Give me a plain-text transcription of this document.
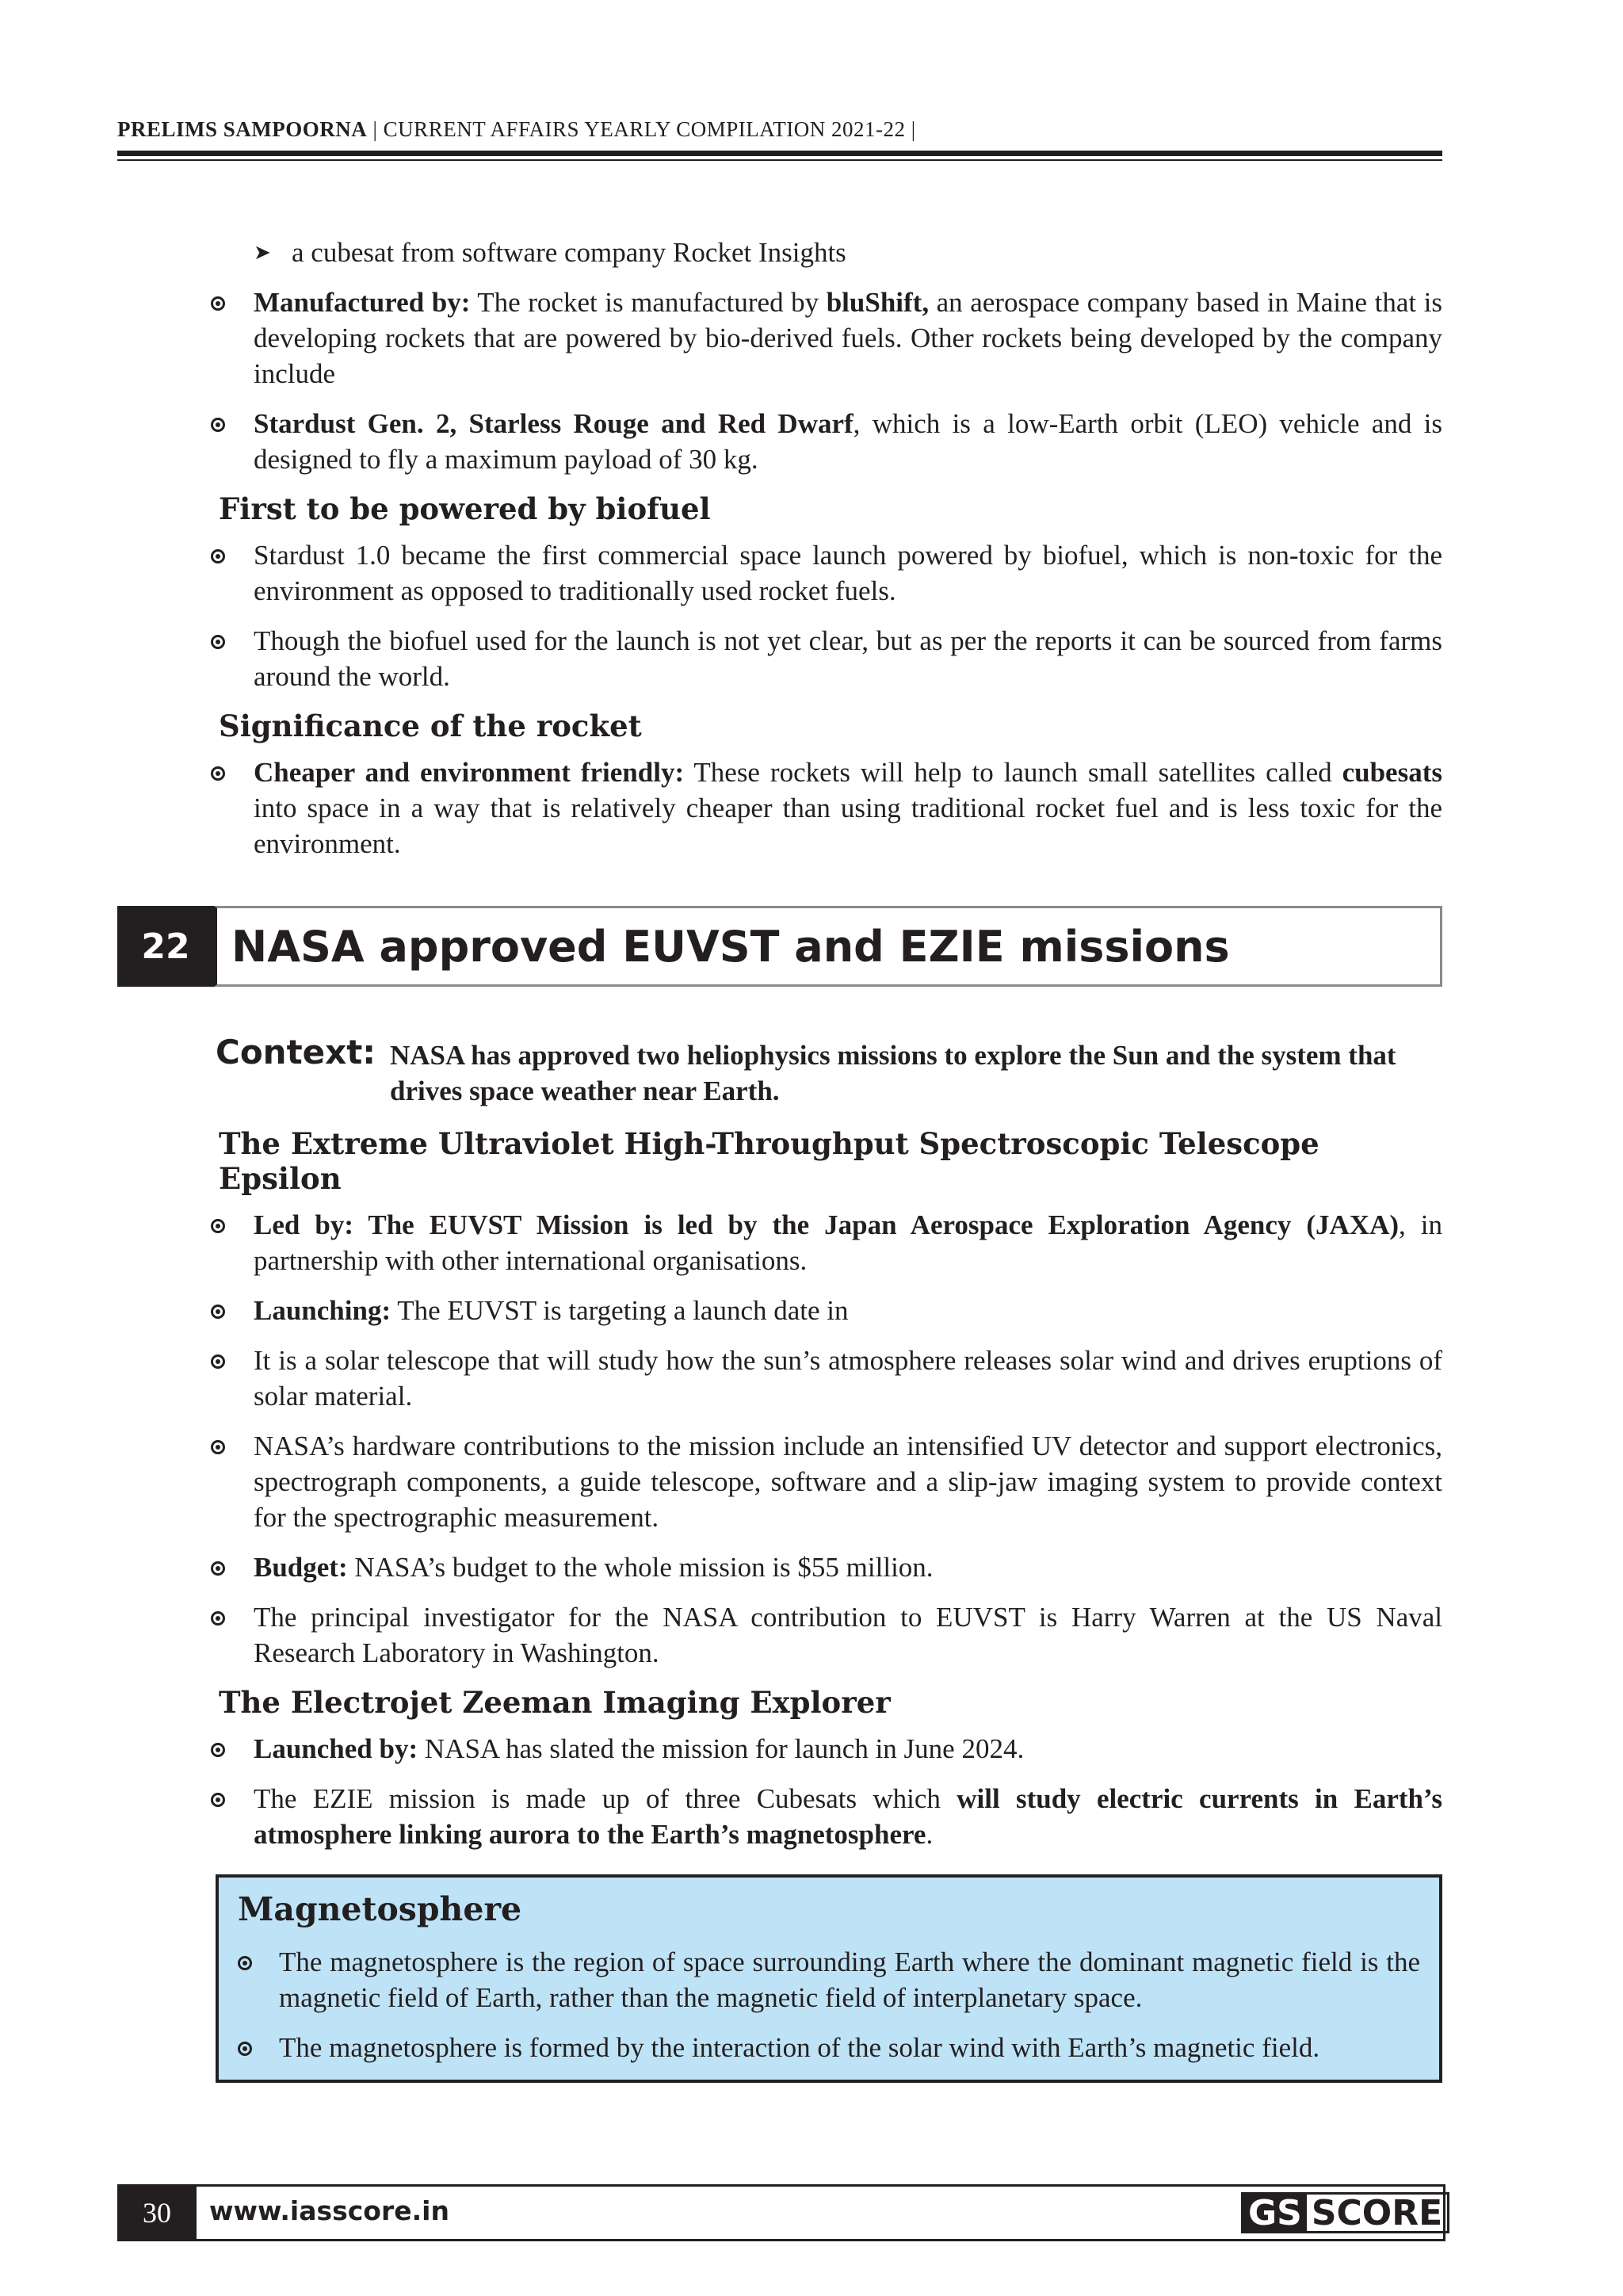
PRELIMS SAMPOORNA | CURRENT AFFAIRS YEARLY COMPILATION 2021-22 |
➤ a cubesat from software company Rocket Insights
Manufactured by: The rocket is manufactured by bluShift, an aerospace company based in Maine that is developing rockets that are powered by bio-derived fuels. Other rockets being developed by the company include
Stardust Gen. 2, Starless Rouge and Red Dwarf, which is a low-Earth orbit (LEO) vehicle and is designed to fly a maximum payload of 30 kg.
First to be powered by biofuel
Stardust 1.0 became the first commercial space launch powered by biofuel, which is non-toxic for the environment as opposed to traditionally used rocket fuels.
Though the biofuel used for the launch is not yet clear, but as per the reports it can be sourced from farms around the world.
Significance of the rocket
Cheaper and environment friendly: These rockets will help to launch small satellites called cubesats into space in a way that is relatively cheaper than using traditional rocket fuel and is less toxic for the environment.
22 NASA approved EUVST and EZIE missions
Context: NASA has approved two heliophysics missions to explore the Sun and the system that drives space weather near Earth.
The Extreme Ultraviolet High-Throughput Spectroscopic Telescope Epsilon
Led by: The EUVST Mission is led by the Japan Aerospace Exploration Agency (JAXA), in partnership with other international organisations.
Launching: The EUVST is targeting a launch date in
It is a solar telescope that will study how the sun’s atmosphere releases solar wind and drives eruptions of solar material.
NASA’s hardware contributions to the mission include an intensified UV detector and support electronics, spectrograph components, a guide telescope, software and a slip-jaw imaging system to provide context for the spectrographic measurement.
Budget: NASA’s budget to the whole mission is $55 million.
The principal investigator for the NASA contribution to EUVST is Harry Warren at the US Naval Research Laboratory in Washington.
The Electrojet Zeeman Imaging Explorer
Launched by: NASA has slated the mission for launch in June 2024.
The EZIE mission is made up of three Cubesats which will study electric currents in Earth’s atmosphere linking aurora to the Earth’s magnetosphere.
Magnetosphere
The magnetosphere is the region of space surrounding Earth where the dominant magnetic field is the magnetic field of Earth, rather than the magnetic field of interplanetary space.
The magnetosphere is formed by the interaction of the solar wind with Earth’s magnetic field.
30	www.iasscore.in	GS SCORE
